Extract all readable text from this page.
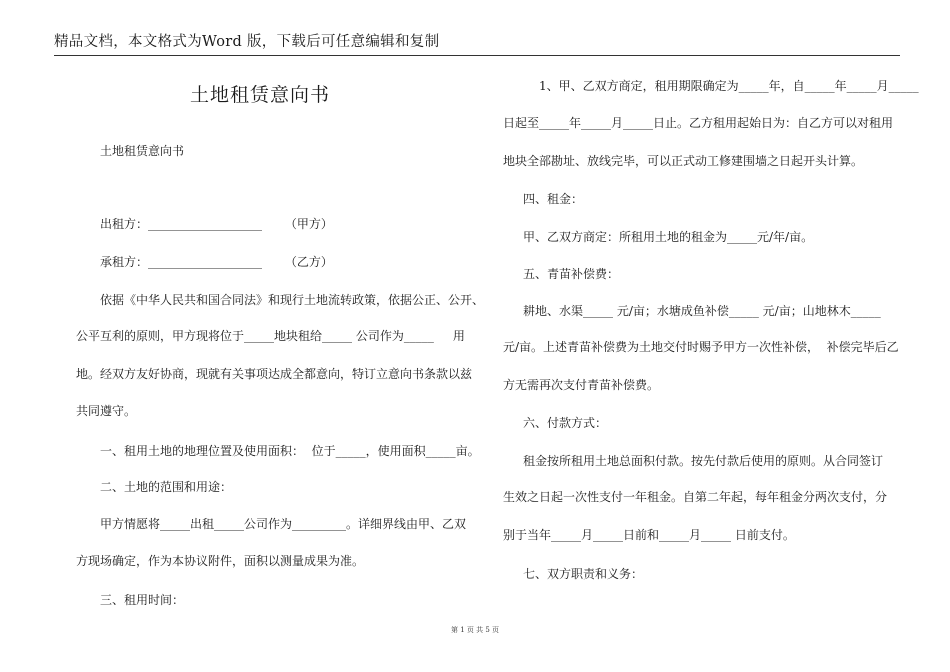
精品文档，本文格式为Word 版，下载后可任意编辑和复制
土地租赁意向书
土地租赁意向书
出租方：___________________      （甲方）
承租方：___________________      （乙方）
依据《中华人民共和国合同法》和现行土地流转政策，依据公正、公开、
公平互利的原则，甲方现将位于_____地块租给_____ 公司作为_____     用
地。经双方友好协商，现就有关事项达成全都意向，特订立意向书条款以兹
共同遵守。
一、租用土地的地理位置及使用面积：  位于_____，使用面积_____亩。
二、土地的范围和用途：
甲方情愿将_____出租_____公司作为_________。详细界线由甲、乙双
方现场确定，作为本协议附件，面积以测量成果为准。
三、租用时间：
1、甲、乙双方商定，租用期限确定为_____年，自_____年_____月_____
日起至_____年_____月_____日止。乙方租用起始日为：自乙方可以对租用
地块全部勘址、放线完毕，可以正式动工修建围墙之日起开头计算。
四、租金：
甲、乙双方商定：所租用土地的租金为_____元/年/亩。
五、青苗补偿费：
耕地、水渠_____ 元/亩；水塘成鱼补偿_____ 元/亩；山地林木_____
元/亩。上述青苗补偿费为土地交付时赐予甲方一次性补偿，  补偿完毕后乙
方无需再次支付青苗补偿费。
六、付款方式：
租金按所租用土地总面积付款。按先付款后使用的原则。从合同签订
生效之日起一次性支付一年租金。自第二年起，每年租金分两次支付，分
别于当年_____月_____日前和_____月_____ 日前支付。
七、双方职责和义务：
第 1 页 共 5 页
